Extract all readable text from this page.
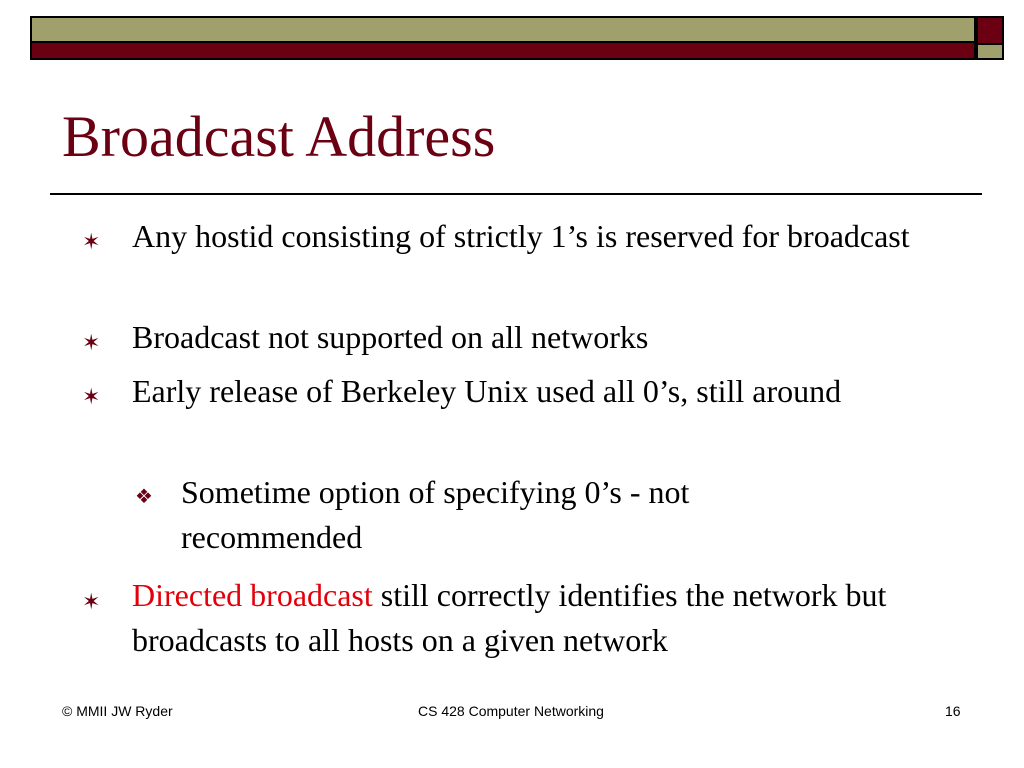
Broadcast Address
✶ Any hostid consisting of strictly 1’s is reserved for broadcast
✶ Broadcast not supported on all networks
✶ Early release of Berkeley Unix used all 0’s, still around
❖ Sometime option of specifying 0’s - not recommended
✶ Directed broadcast still correctly identifies the network but broadcasts to all hosts on a given network
© MMII JW Ryder	CS 428 Computer Networking	16
